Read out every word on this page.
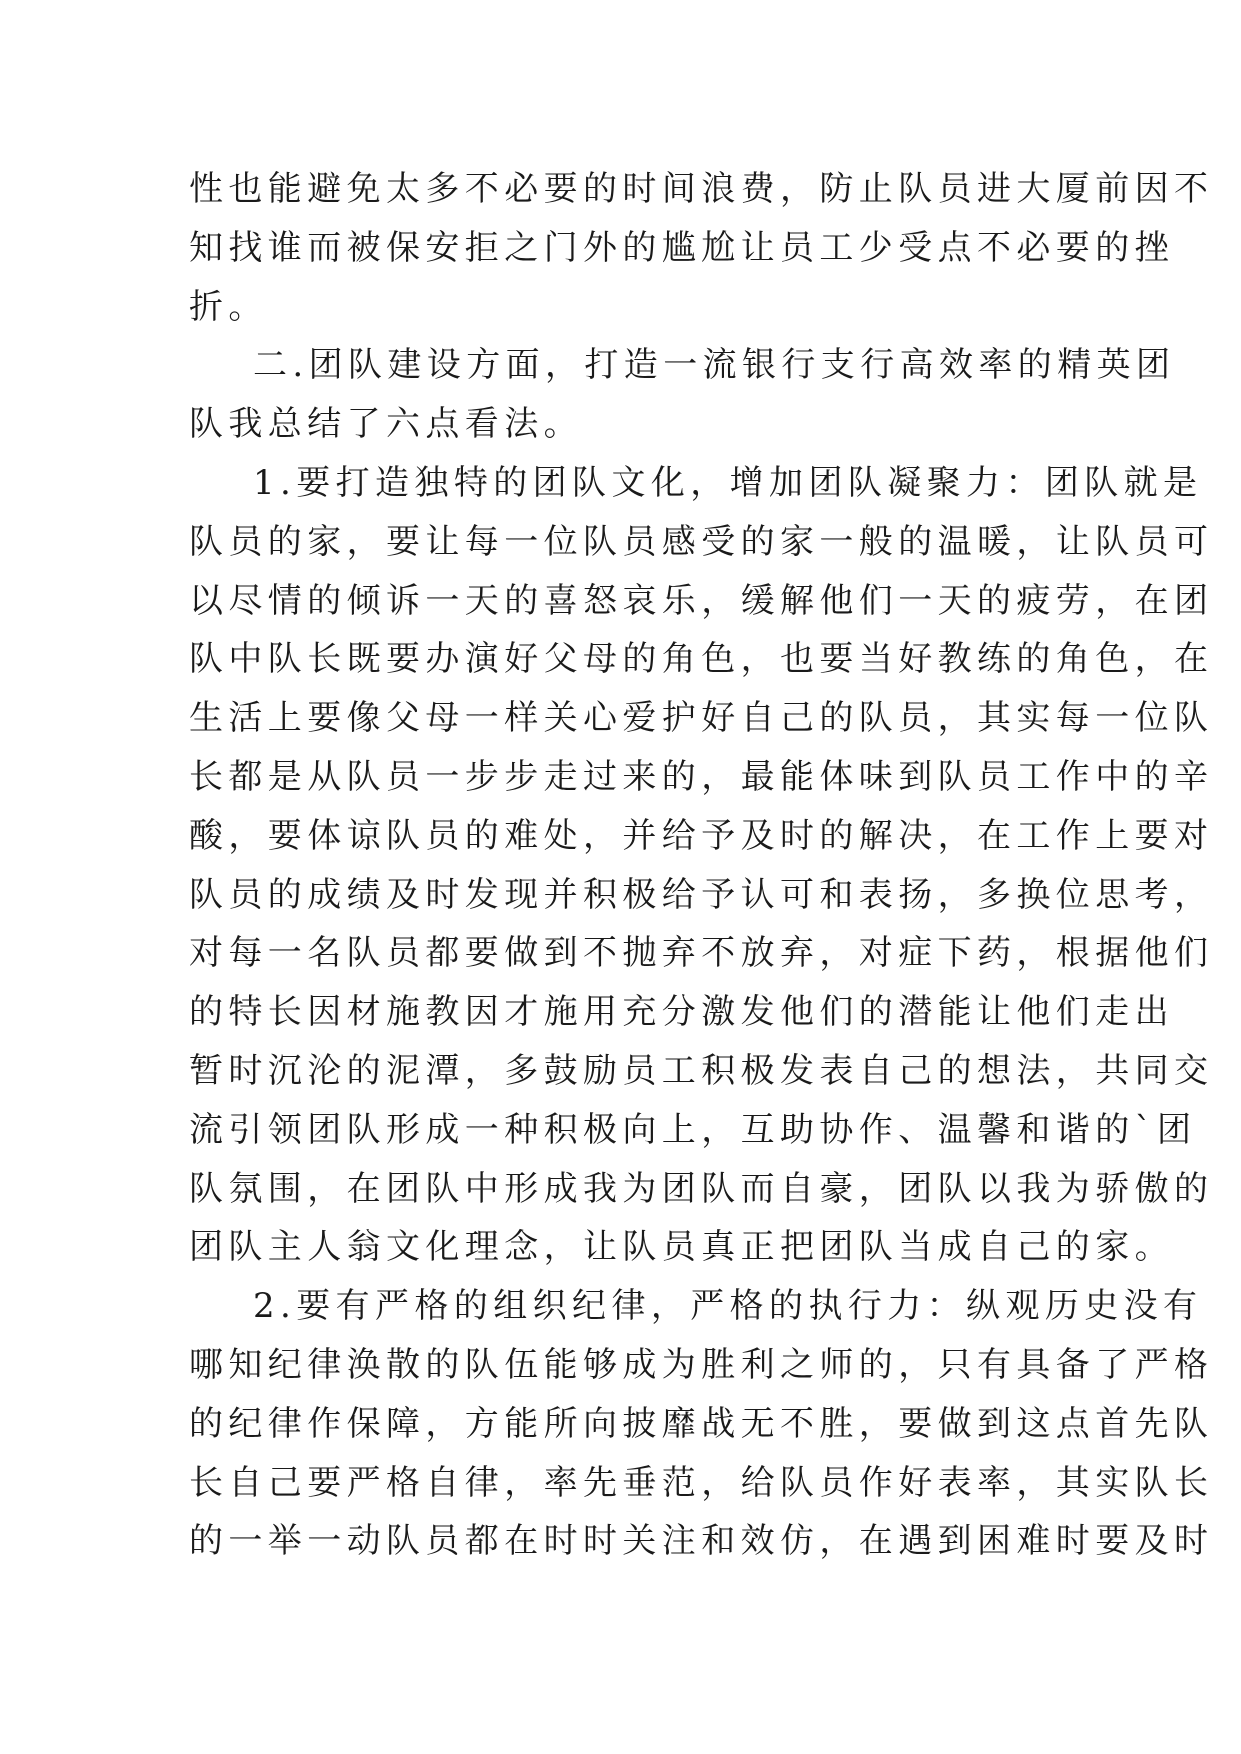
性也能避免太多不必要的时间浪费，防止队员进大厦前因不
知找谁而被保安拒之门外的尴尬让员工少受点不必要的挫
折。
二.团队建设方面，打造一流银行支行高效率的精英团
队我总结了六点看法。
1.要打造独特的团队文化，增加团队凝聚力：团队就是
队员的家，要让每一位队员感受的家一般的温暖，让队员可
以尽情的倾诉一天的喜怒哀乐，缓解他们一天的疲劳，在团
队中队长既要办演好父母的角色，也要当好教练的角色，在
生活上要像父母一样关心爱护好自己的队员，其实每一位队
长都是从队员一步步走过来的，最能体味到队员工作中的辛
酸，要体谅队员的难处，并给予及时的解决，在工作上要对
队员的成绩及时发现并积极给予认可和表扬，多换位思考，
对每一名队员都要做到不抛弃不放弃，对症下药，根据他们
的特长因材施教因才施用充分激发他们的潜能让他们走出
暂时沉沦的泥潭，多鼓励员工积极发表自己的想法，共同交
流引领团队形成一种积极向上，互助协作、温馨和谐的`团
队氛围，在团队中形成我为团队而自豪，团队以我为骄傲的
团队主人翁文化理念，让队员真正把团队当成自己的家。
2.要有严格的组织纪律，严格的执行力：纵观历史没有
哪知纪律涣散的队伍能够成为胜利之师的，只有具备了严格
的纪律作保障，方能所向披靡战无不胜，要做到这点首先队
长自己要严格自律，率先垂范，给队员作好表率，其实队长
的一举一动队员都在时时关注和效仿，在遇到困难时要及时
